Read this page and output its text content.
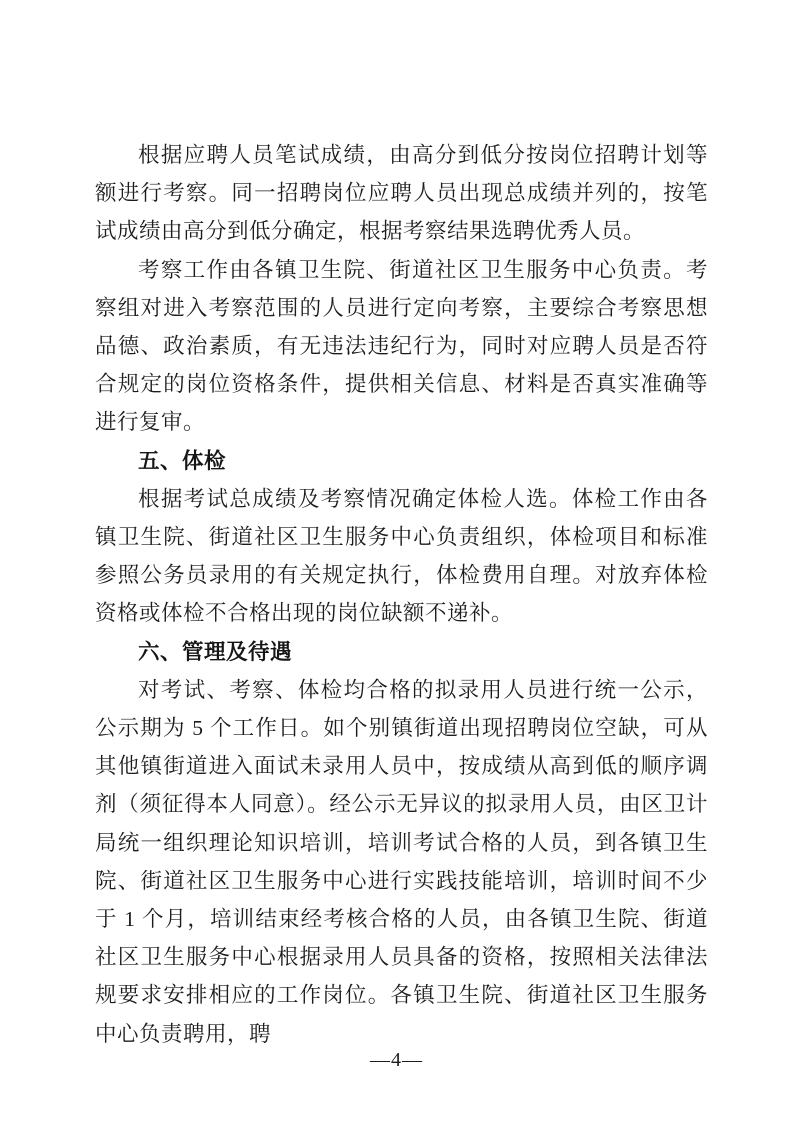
根据应聘人员笔试成绩，由高分到低分按岗位招聘计划等额进行考察。同一招聘岗位应聘人员出现总成绩并列的，按笔试成绩由高分到低分确定，根据考察结果选聘优秀人员。

考察工作由各镇卫生院、街道社区卫生服务中心负责。考察组对进入考察范围的人员进行定向考察，主要综合考察思想品德、政治素质，有无违法违纪行为，同时对应聘人员是否符合规定的岗位资格条件，提供相关信息、材料是否真实准确等进行复审。

五、体检

根据考试总成绩及考察情况确定体检人选。体检工作由各镇卫生院、街道社区卫生服务中心负责组织，体检项目和标准参照公务员录用的有关规定执行，体检费用自理。对放弃体检资格或体检不合格出现的岗位缺额不递补。

六、管理及待遇

对考试、考察、体检均合格的拟录用人员进行统一公示，公示期为 5 个工作日。如个别镇街道出现招聘岗位空缺，可从其他镇街道进入面试未录用人员中，按成绩从高到低的顺序调剂（须征得本人同意）。经公示无异议的拟录用人员，由区卫计局统一组织理论知识培训，培训考试合格的人员，到各镇卫生院、街道社区卫生服务中心进行实践技能培训，培训时间不少于 1 个月，培训结束经考核合格的人员，由各镇卫生院、街道社区卫生服务中心根据录用人员具备的资格，按照相关法律法规要求安排相应的工作岗位。各镇卫生院、街道社区卫生服务中心负责聘用，聘

—4—
